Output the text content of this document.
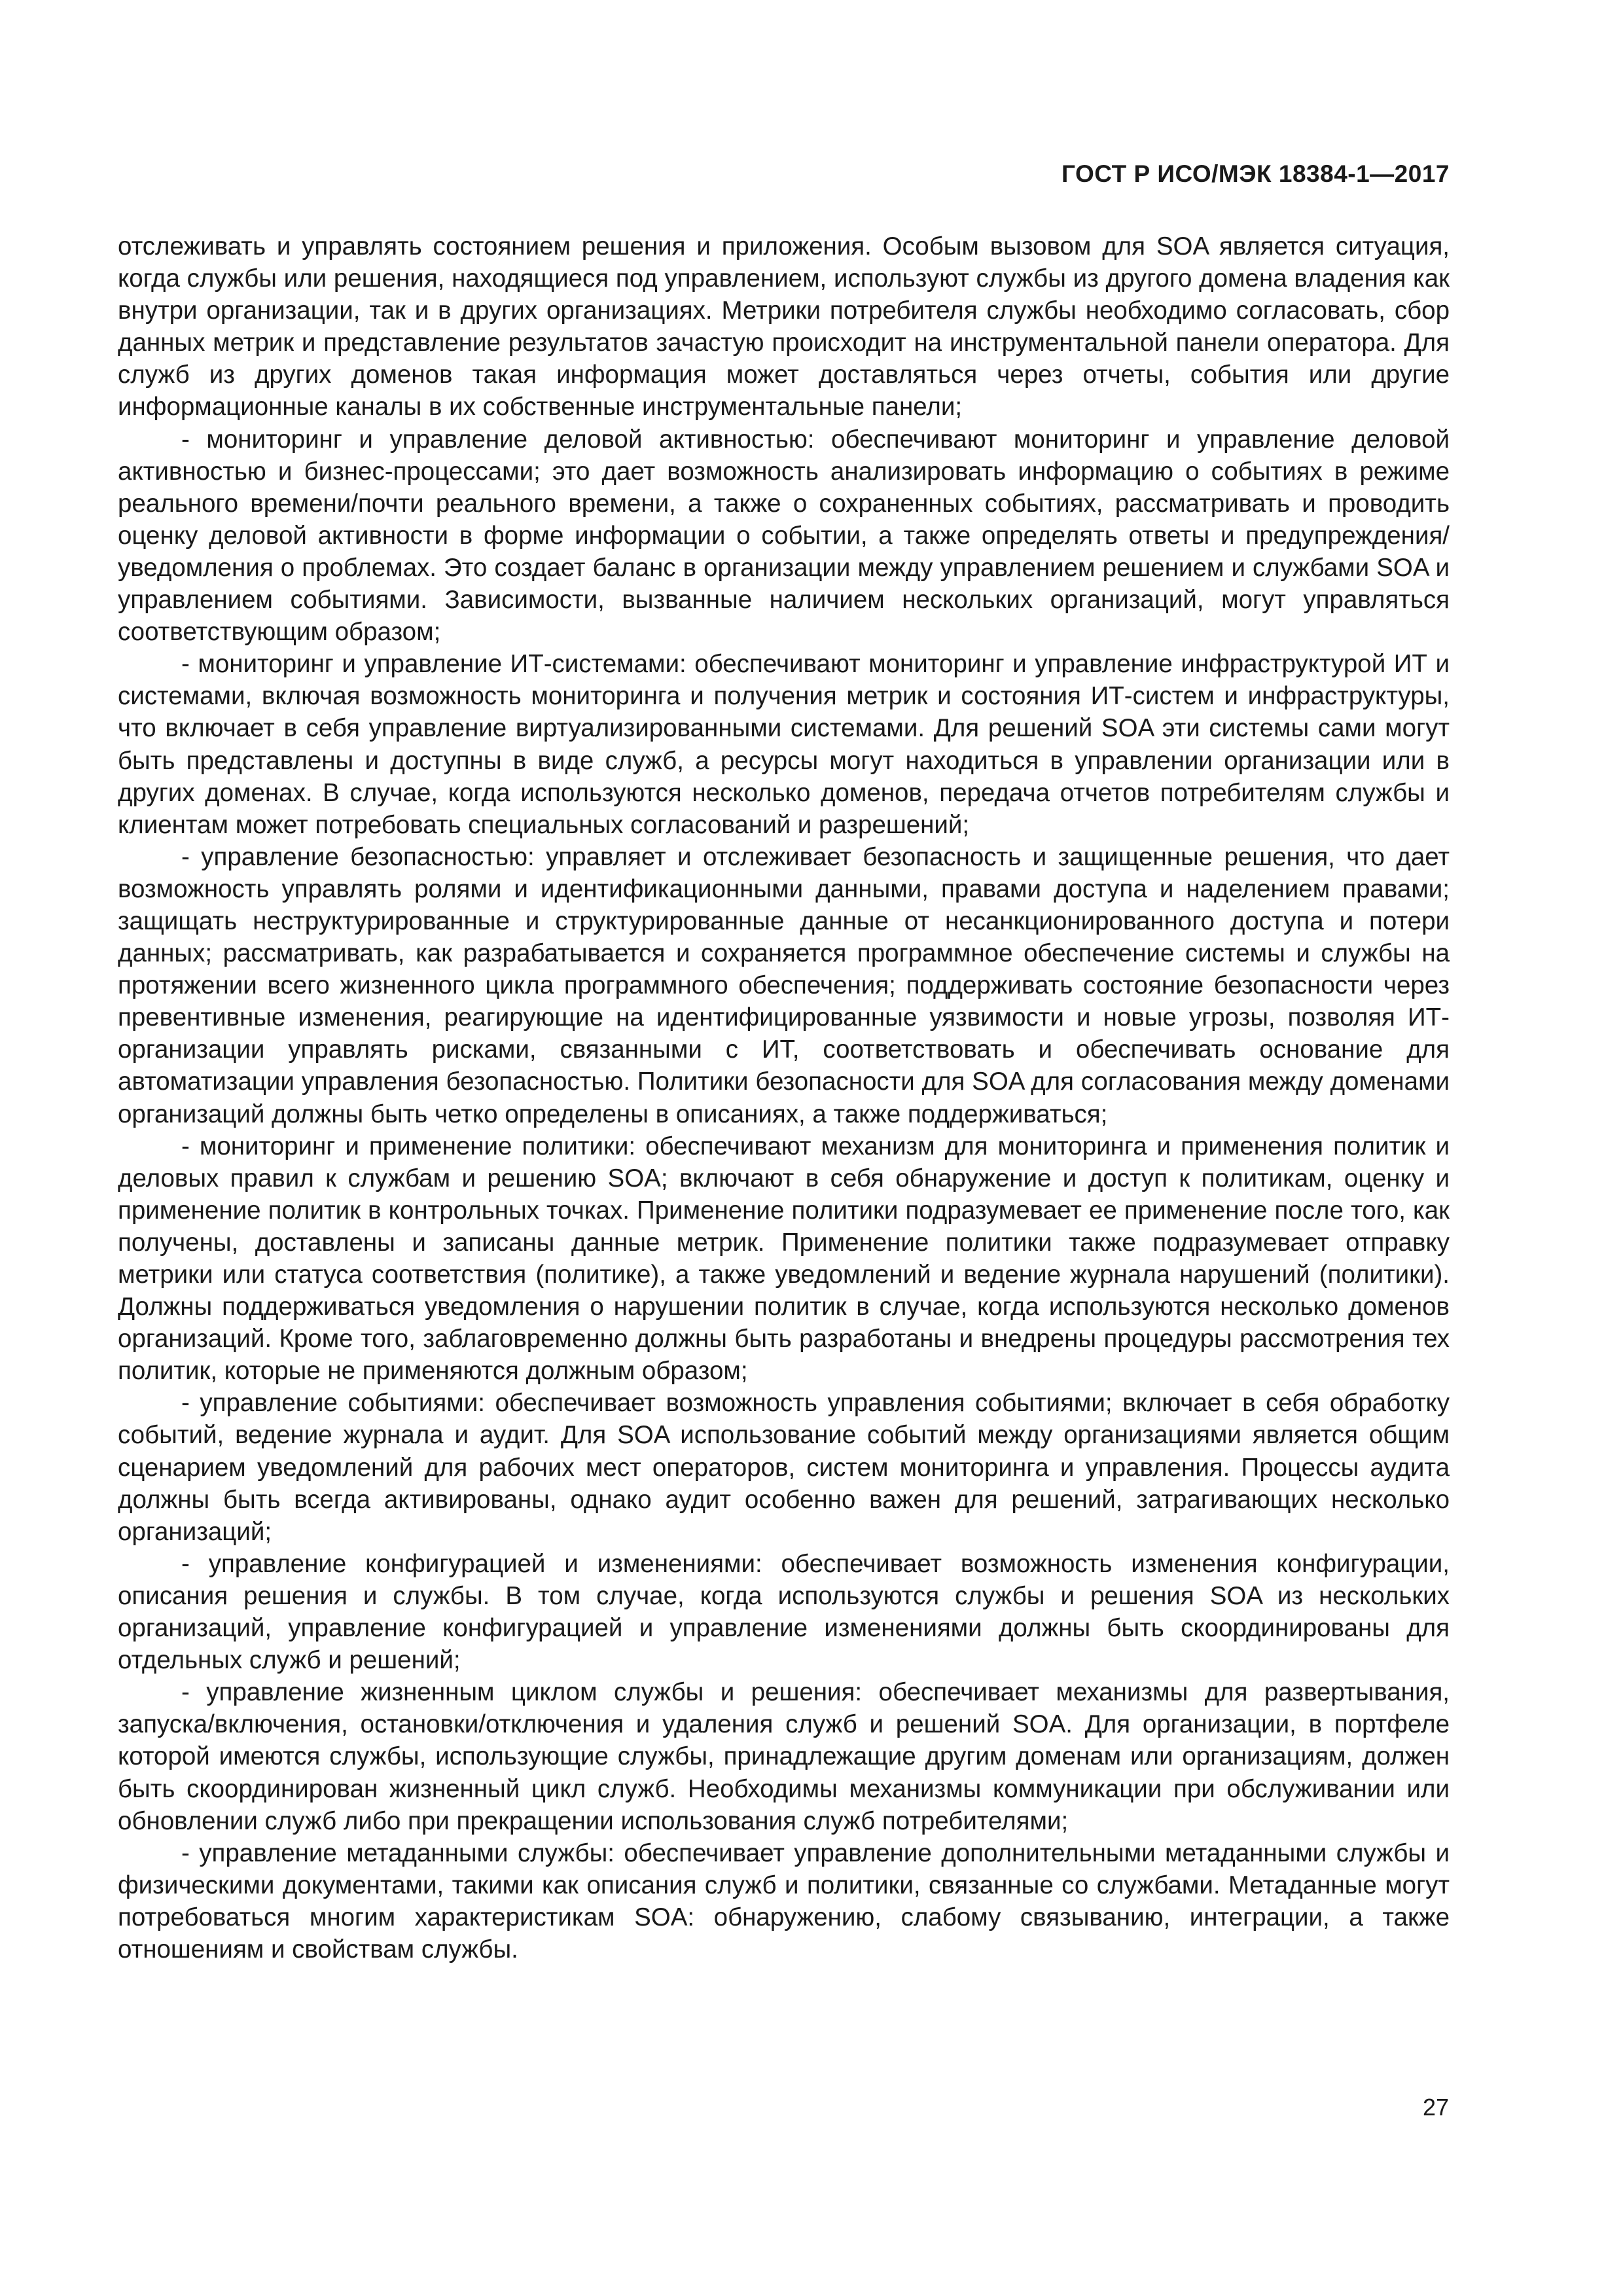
ГОСТ Р ИСО/МЭК 18384-1—2017

отслеживать и управлять состоянием решения и приложения. Особым вызовом для SOA является ситуация, когда службы или решения, находящиеся под управлением, используют службы из другого домена владения как внутри организации, так и в других организациях. Метрики потребителя службы необходимо согласовать, сбор данных метрик и представление результатов зачастую происходит на инструментальной панели оператора. Для служб из других доменов такая информация может доставляться через отчеты, события или другие информационные каналы в их собственные инструментальные панели;

- мониторинг и управление деловой активностью: обеспечивают мониторинг и управление деловой активностью и бизнес-процессами; это дает возможность анализировать информацию о событиях в режиме реального времени/почти реального времени, а также о сохраненных событиях, рассматривать и проводить оценку деловой активности в форме информации о событии, а также определять ответы и предупреждения/уведомления о проблемах. Это создает баланс в организации между управлением решением и службами SOA и управлением событиями. Зависимости, вызванные наличием нескольких организаций, могут управляться соответствующим образом;

- мониторинг и управление ИТ-системами: обеспечивают мониторинг и управление инфраструктурой ИТ и системами, включая возможность мониторинга и получения метрик и состояния ИТ-систем и инфраструктуры, что включает в себя управление виртуализированными системами. Для решений SOA эти системы сами могут быть представлены и доступны в виде служб, а ресурсы могут находиться в управлении организации или в других доменах. В случае, когда используются несколько доменов, передача отчетов потребителям службы и клиентам может потребовать специальных согласований и разрешений;

- управление безопасностью: управляет и отслеживает безопасность и защищенные решения, что дает возможность управлять ролями и идентификационными данными, правами доступа и наделением правами; защищать неструктурированные и структурированные данные от несанкционированного доступа и потери данных; рассматривать, как разрабатывается и сохраняется программное обеспечение системы и службы на протяжении всего жизненного цикла программного обеспечения; поддерживать состояние безопасности через превентивные изменения, реагирующие на идентифицированные уязвимости и новые угрозы, позволяя ИТ-организации управлять рисками, связанными с ИТ, соответствовать и обеспечивать основание для автоматизации управления безопасностью. Политики безопасности для SOA для согласования между доменами организаций должны быть четко определены в описаниях, а также поддерживаться;

- мониторинг и применение политики: обеспечивают механизм для мониторинга и применения политик и деловых правил к службам и решению SOA; включают в себя обнаружение и доступ к политикам, оценку и применение политик в контрольных точках. Применение политики подразумевает ее применение после того, как получены, доставлены и записаны данные метрик. Применение политики также подразумевает отправку метрики или статуса соответствия (политике), а также уведомлений и ведение журнала нарушений (политики). Должны поддерживаться уведомления о нарушении политик в случае, когда используются несколько доменов организаций. Кроме того, заблаговременно должны быть разработаны и внедрены процедуры рассмотрения тех политик, которые не применяются должным образом;

- управление событиями: обеспечивает возможность управления событиями; включает в себя обработку событий, ведение журнала и аудит. Для SOA использование событий между организациями является общим сценарием уведомлений для рабочих мест операторов, систем мониторинга и управления. Процессы аудита должны быть всегда активированы, однако аудит особенно важен для решений, затрагивающих несколько организаций;

- управление конфигурацией и изменениями: обеспечивает возможность изменения конфигурации, описания решения и службы. В том случае, когда используются службы и решения SOA из нескольких организаций, управление конфигурацией и управление изменениями должны быть скоординированы для отдельных служб и решений;

- управление жизненным циклом службы и решения: обеспечивает механизмы для развертывания, запуска/включения, остановки/отключения и удаления служб и решений SOA. Для организации, в портфеле которой имеются службы, использующие службы, принадлежащие другим доменам или организациям, должен быть скоординирован жизненный цикл служб. Необходимы механизмы коммуникации при обслуживании или обновлении служб либо при прекращении использования служб потребителями;

- управление метаданными службы: обеспечивает управление дополнительными метаданными службы и физическими документами, такими как описания служб и политики, связанные со службами. Метаданные могут потребоваться многим характеристикам SOA: обнаружению, слабому связыванию, интеграции, а также отношениям и свойствам службы.

27
